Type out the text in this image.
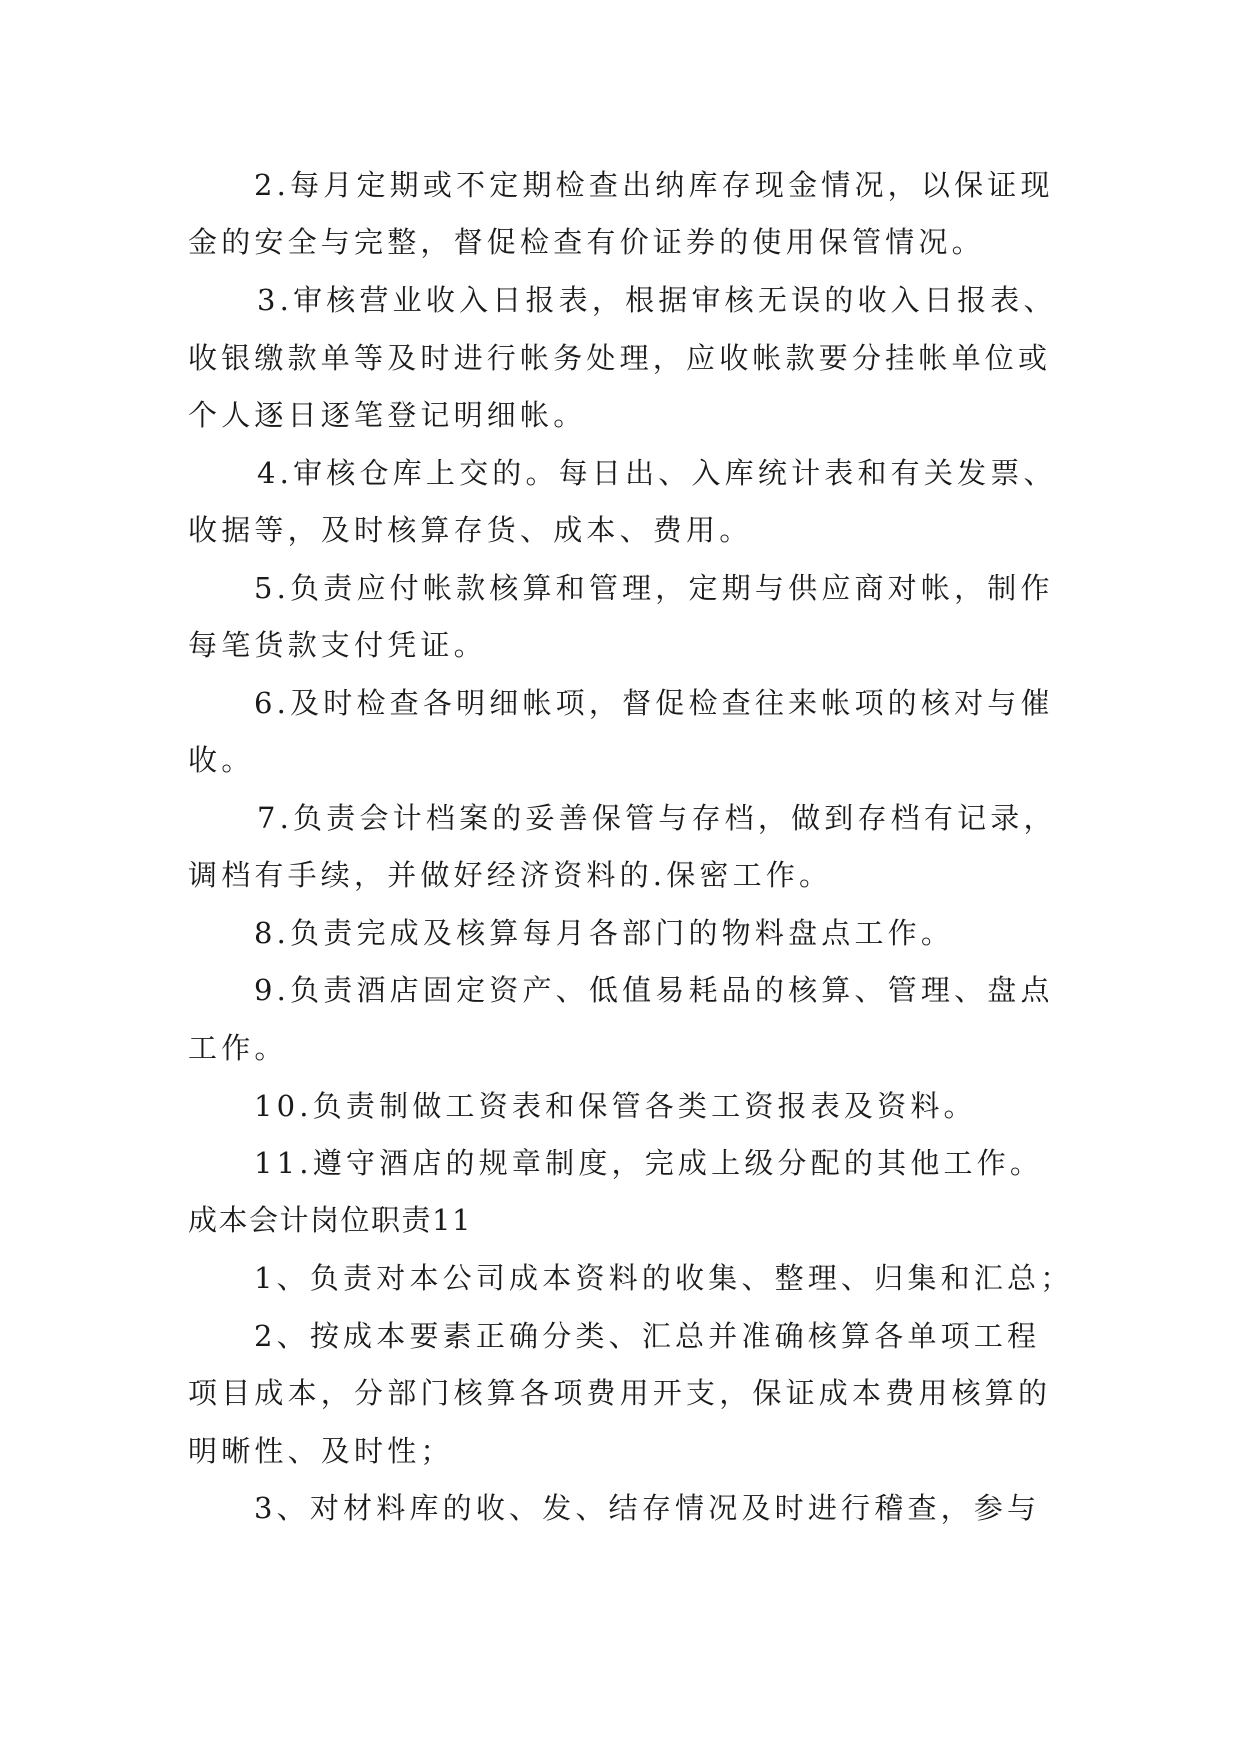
2.每月定期或不定期检查出纳库存现金情况，以保证现
金的安全与完整，督促检查有价证券的使用保管情况。
3.审核营业收入日报表，根据审核无误的收入日报表、
收银缴款单等及时进行帐务处理，应收帐款要分挂帐单位或
个人逐日逐笔登记明细帐。
4.审核仓库上交的。每日出、入库统计表和有关发票、
收据等，及时核算存货、成本、费用。
5.负责应付帐款核算和管理，定期与供应商对帐，制作
每笔货款支付凭证。
6.及时检查各明细帐项，督促检查往来帐项的核对与催
收。
7.负责会计档案的妥善保管与存档，做到存档有记录，
调档有手续，并做好经济资料的.保密工作。
8.负责完成及核算每月各部门的物料盘点工作。
9.负责酒店固定资产、低值易耗品的核算、管理、盘点
工作。
10.负责制做工资表和保管各类工资报表及资料。
11.遵守酒店的规章制度，完成上级分配的其他工作。
成本会计岗位职责11
1、负责对本公司成本资料的收集、整理、归集和汇总；
2、按成本要素正确分类、汇总并准确核算各单项工程
项目成本，分部门核算各项费用开支，保证成本费用核算的
明晰性、及时性；
3、对材料库的收、发、结存情况及时进行稽查，参与
